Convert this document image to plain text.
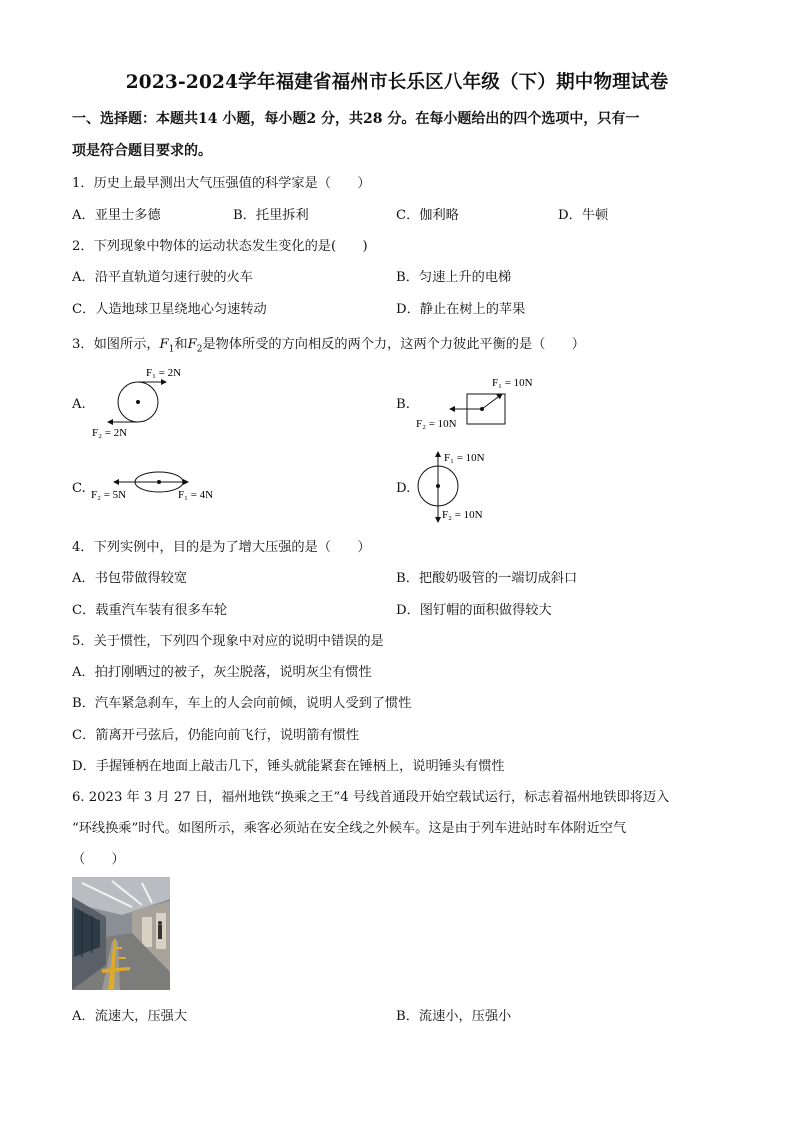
2023-2024学年福建省福州市长乐区八年级（下）期中物理试卷
一、选择题：本题共14 小题，每小题2 分，共28 分。在每小题给出的四个选项中，只有一
项是符合题目要求的。
1．历史上最早测出大气压强值的科学家是（　　）
A．亚里士多德	B．托里拆利	C．伽利略	D．牛顿
2．下列现象中物体的运动状态发生变化的是(　　)
A．沿平直轨道匀速行驶的火车	B．匀速上升的电梯
C．人造地球卫星绕地心匀速转动	D．静止在树上的苹果
3．如图所示，$F_1$和$F_2$是物体所受的方向相反的两个力，这两个力彼此平衡的是（　　）
A.	B.
C.	D.
F₁ = 2N
F₂ = 2N
F₁ = 10N
F₂ = 10N
F₂ = 5N	F₁ = 4N
F₁ = 10N
F₂ = 10N
4．下列实例中，目的是为了增大压强的是（　　）
A．书包带做得较宽	B．把酸奶吸管的一端切成斜口
C．载重汽车装有很多车轮	D．图钉帽的面积做得较大
5．关于惯性，下列四个现象中对应的说明中错误的是
A．拍打刚晒过的被子，灰尘脱落，说明灰尘有惯性
B．汽车紧急刹车，车上的人会向前倾，说明人受到了惯性
C．箭离开弓弦后，仍能向前飞行，说明箭有惯性
D．手握锤柄在地面上敲击几下，锤头就能紧套在锤柄上，说明锤头有惯性
6. 2023 年 3 月 27 日，福州地铁“换乘之王”4 号线首通段开始空载试运行，标志着福州地铁即将迈入
“环线换乘”时代。如图所示，乘客必须站在安全线之外候车。这是由于列车进站时车体附近空气
（　　）
A．流速大，压强大	B．流速小，压强小
